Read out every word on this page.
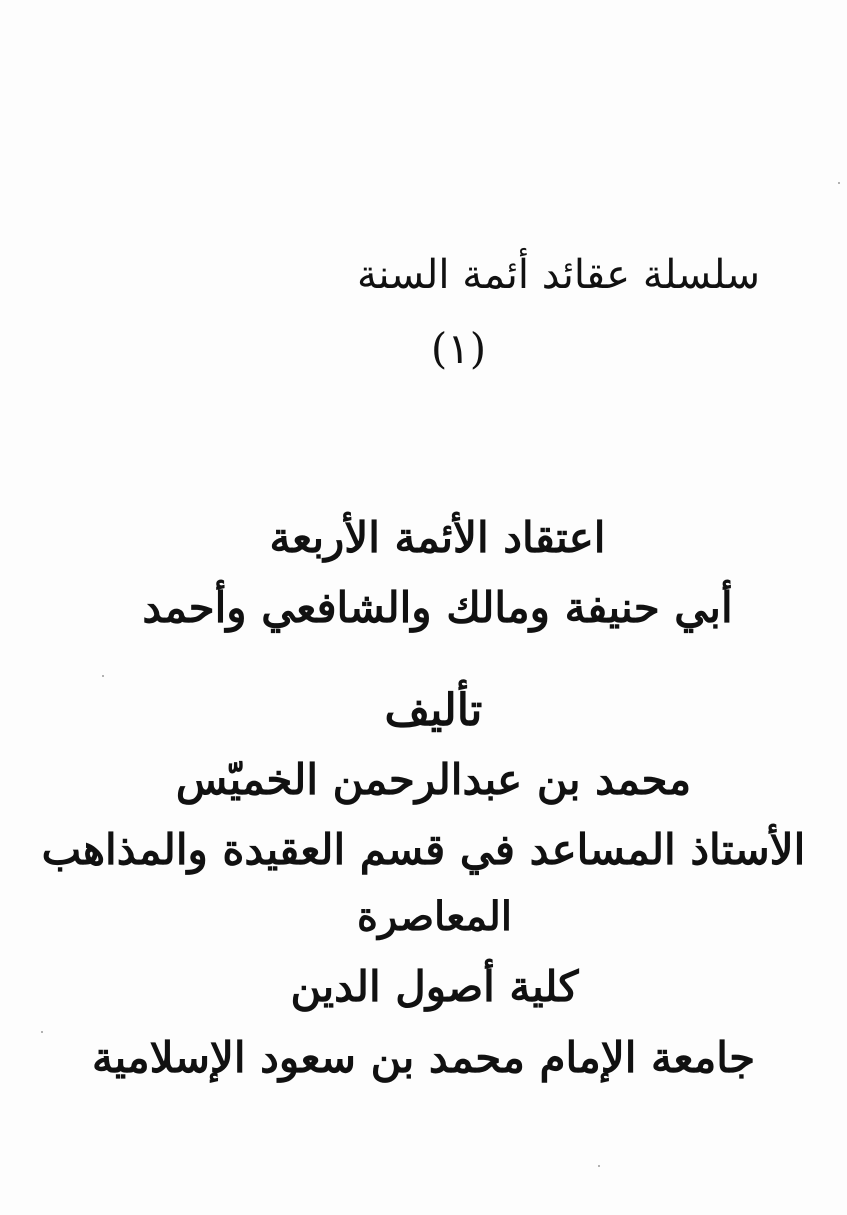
سلسلة عقائد أئمة السنة
(١)
اعتقاد الأئمة الأربعة
أبي حنيفة ومالك والشافعي وأحمد
تأليف
محمد بن عبدالرحمن الخميّس
الأستاذ المساعد في قسم العقيدة والمذاهب
المعاصرة
كلية أصول الدين
جامعة الإمام محمد بن سعود الإسلامية
